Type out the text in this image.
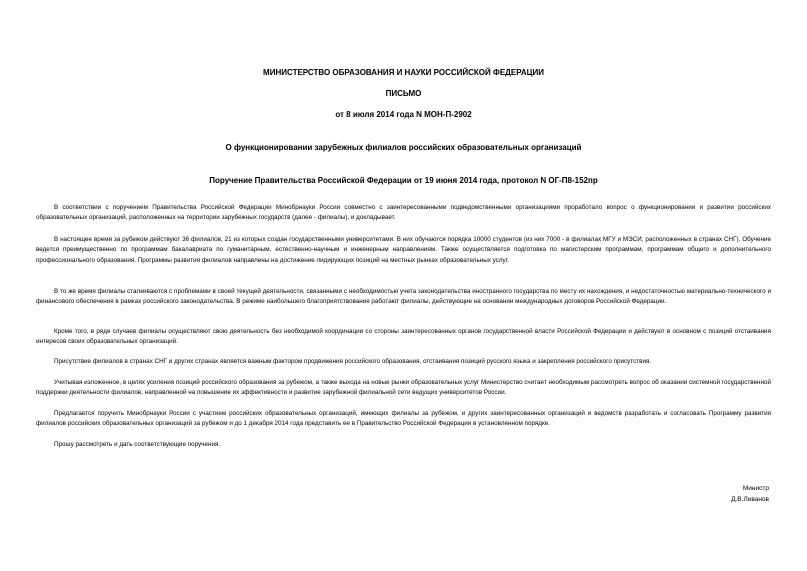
МИНИСТЕРСТВО ОБРАЗОВАНИЯ И НАУКИ РОССИЙСКОЙ ФЕДЕРАЦИИ
ПИСЬМО
от 8 июля 2014 года N МОН-П-2902
О функционировании зарубежных филиалов российских образовательных организаций
Поручение Правительства Российской Федерации от 19 июня 2014 года, протокол N ОГ-П8-152пр
В соответствии с поручением Правительства Российской Федерации Минобрнауки России совместно с заинтересованными подведомственными организациями проработало вопрос о функционировании и развитии российских образовательных организаций, расположенных на территории зарубежных государств (далее - филиалы), и докладывает.
В настоящее время за рубежом действуют 36 филиалов, 21 из которых создан государственными университетами. В них обучаются порядка 10000 студентов (из них 7000 - в филиалах МГУ и МЭСИ, расположенных в странах СНГ). Обучение ведется преимущественно по программам бакалавриата по гуманитарным, естественно-научным и инженерным направлениям. Также осуществляется подготовка по магистерским программам, программам общего и дополнительного профессионального образования. Программы развития филиалов направлены на достижение лидирующих позиций на местных рынках образовательных услуг.
В то же время филиалы сталкиваются с проблемами в своей текущей деятельности, связанными с необходимостью учета законодательства иностранного государства по месту их нахождения, и недостаточностью материально-технического и финансового обеспечения в рамках российского законодательства. В режиме наибольшего благоприятствования работают филиалы, действующие на основании международных договоров Российской Федерации.
Кроме того, в ряде случаев филиалы осуществляют свою деятельность без необходимой координации со стороны заинтересованных органов государственной власти Российской Федерации и действуют в основном с позиций отстаивания интересов своих образовательных организаций.
Присутствие филиалов в странах СНГ и других странах является важным фактором продвижения российского образования, отстаивания позиций русского языка и закрепления российского присутствия.
Учитывая изложенное, в целях усиления позиций российского образования за рубежом, а также выхода на новые рынки образовательных услуг Министерство считает необходимым рассмотреть вопрос об оказании системной государственной поддержки деятельности филиалов, направленной на повышение их эффективности и развитие зарубежной филиальной сети ведущих университетов России.
Предлагается поручить Минобрнауки России с участием российских образовательных организаций, имеющих филиалы за рубежом, и других заинтересованных организаций и ведомств разработать и согласовать Программу развития филиалов российских образовательных организаций за рубежом и до 1 декабря 2014 года представить ее в Правительство Российской Федерации в установленном порядке.
Прошу рассмотреть и дать соответствующие поручения.
Министр
Д.В.Ливанов
